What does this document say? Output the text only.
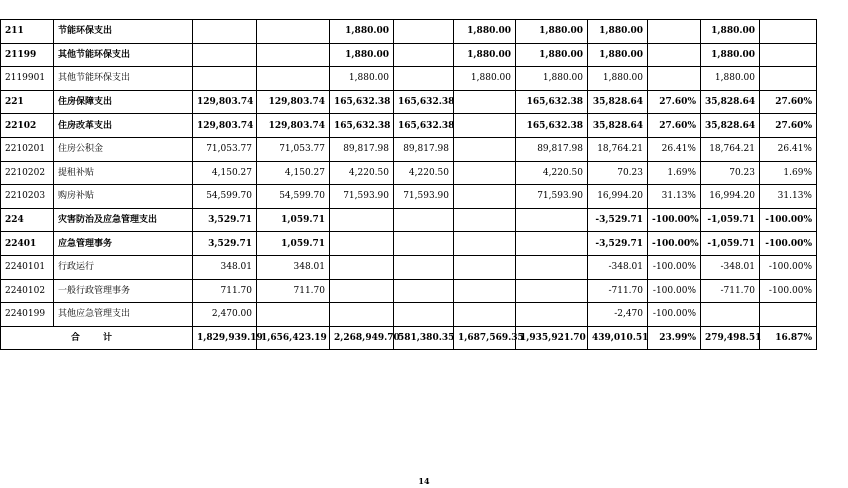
211	节能环保支出			1,880.00		1,880.00	1,880.00	1,880.00		1,880.00	
21199	其他节能环保支出			1,880.00		1,880.00	1,880.00	1,880.00		1,880.00	
2119901	其他节能环保支出			1,880.00		1,880.00	1,880.00	1,880.00		1,880.00	
221	住房保障支出	129,803.74	129,803.74	165,632.38	165,632.38		165,632.38	35,828.64	27.60%	35,828.64	27.60%
22102	住房改革支出	129,803.74	129,803.74	165,632.38	165,632.38		165,632.38	35,828.64	27.60%	35,828.64	27.60%
2210201	住房公积金	71,053.77	71,053.77	89,817.98	89,817.98		89,817.98	18,764.21	26.41%	18,764.21	26.41%
2210202	提租补贴	4,150.27	4,150.27	4,220.50	4,220.50		4,220.50	70.23	1.69%	70.23	1.69%
2210203	购房补贴	54,599.70	54,599.70	71,593.90	71,593.90		71,593.90	16,994.20	31.13%	16,994.20	31.13%
224	灾害防治及应急管理支出	3,529.71	1,059.71					-3,529.71	-100.00%	-1,059.71	-100.00%
22401	应急管理事务	3,529.71	1,059.71					-3,529.71	-100.00%	-1,059.71	-100.00%
2240101	行政运行	348.01	348.01					-348.01	-100.00%	-348.01	-100.00%
2240102	一般行政管理事务	711.70	711.70					-711.70	-100.00%	-711.70	-100.00%
2240199	其他应急管理支出	2,470.00						-2,470	-100.00%		
合 计		1,829,939.19	1,656,423.19	2,268,949.70	581,380.35	1,687,569.35	1,935,921.70	439,010.51	23.99%	279,498.51	16.87%
14
